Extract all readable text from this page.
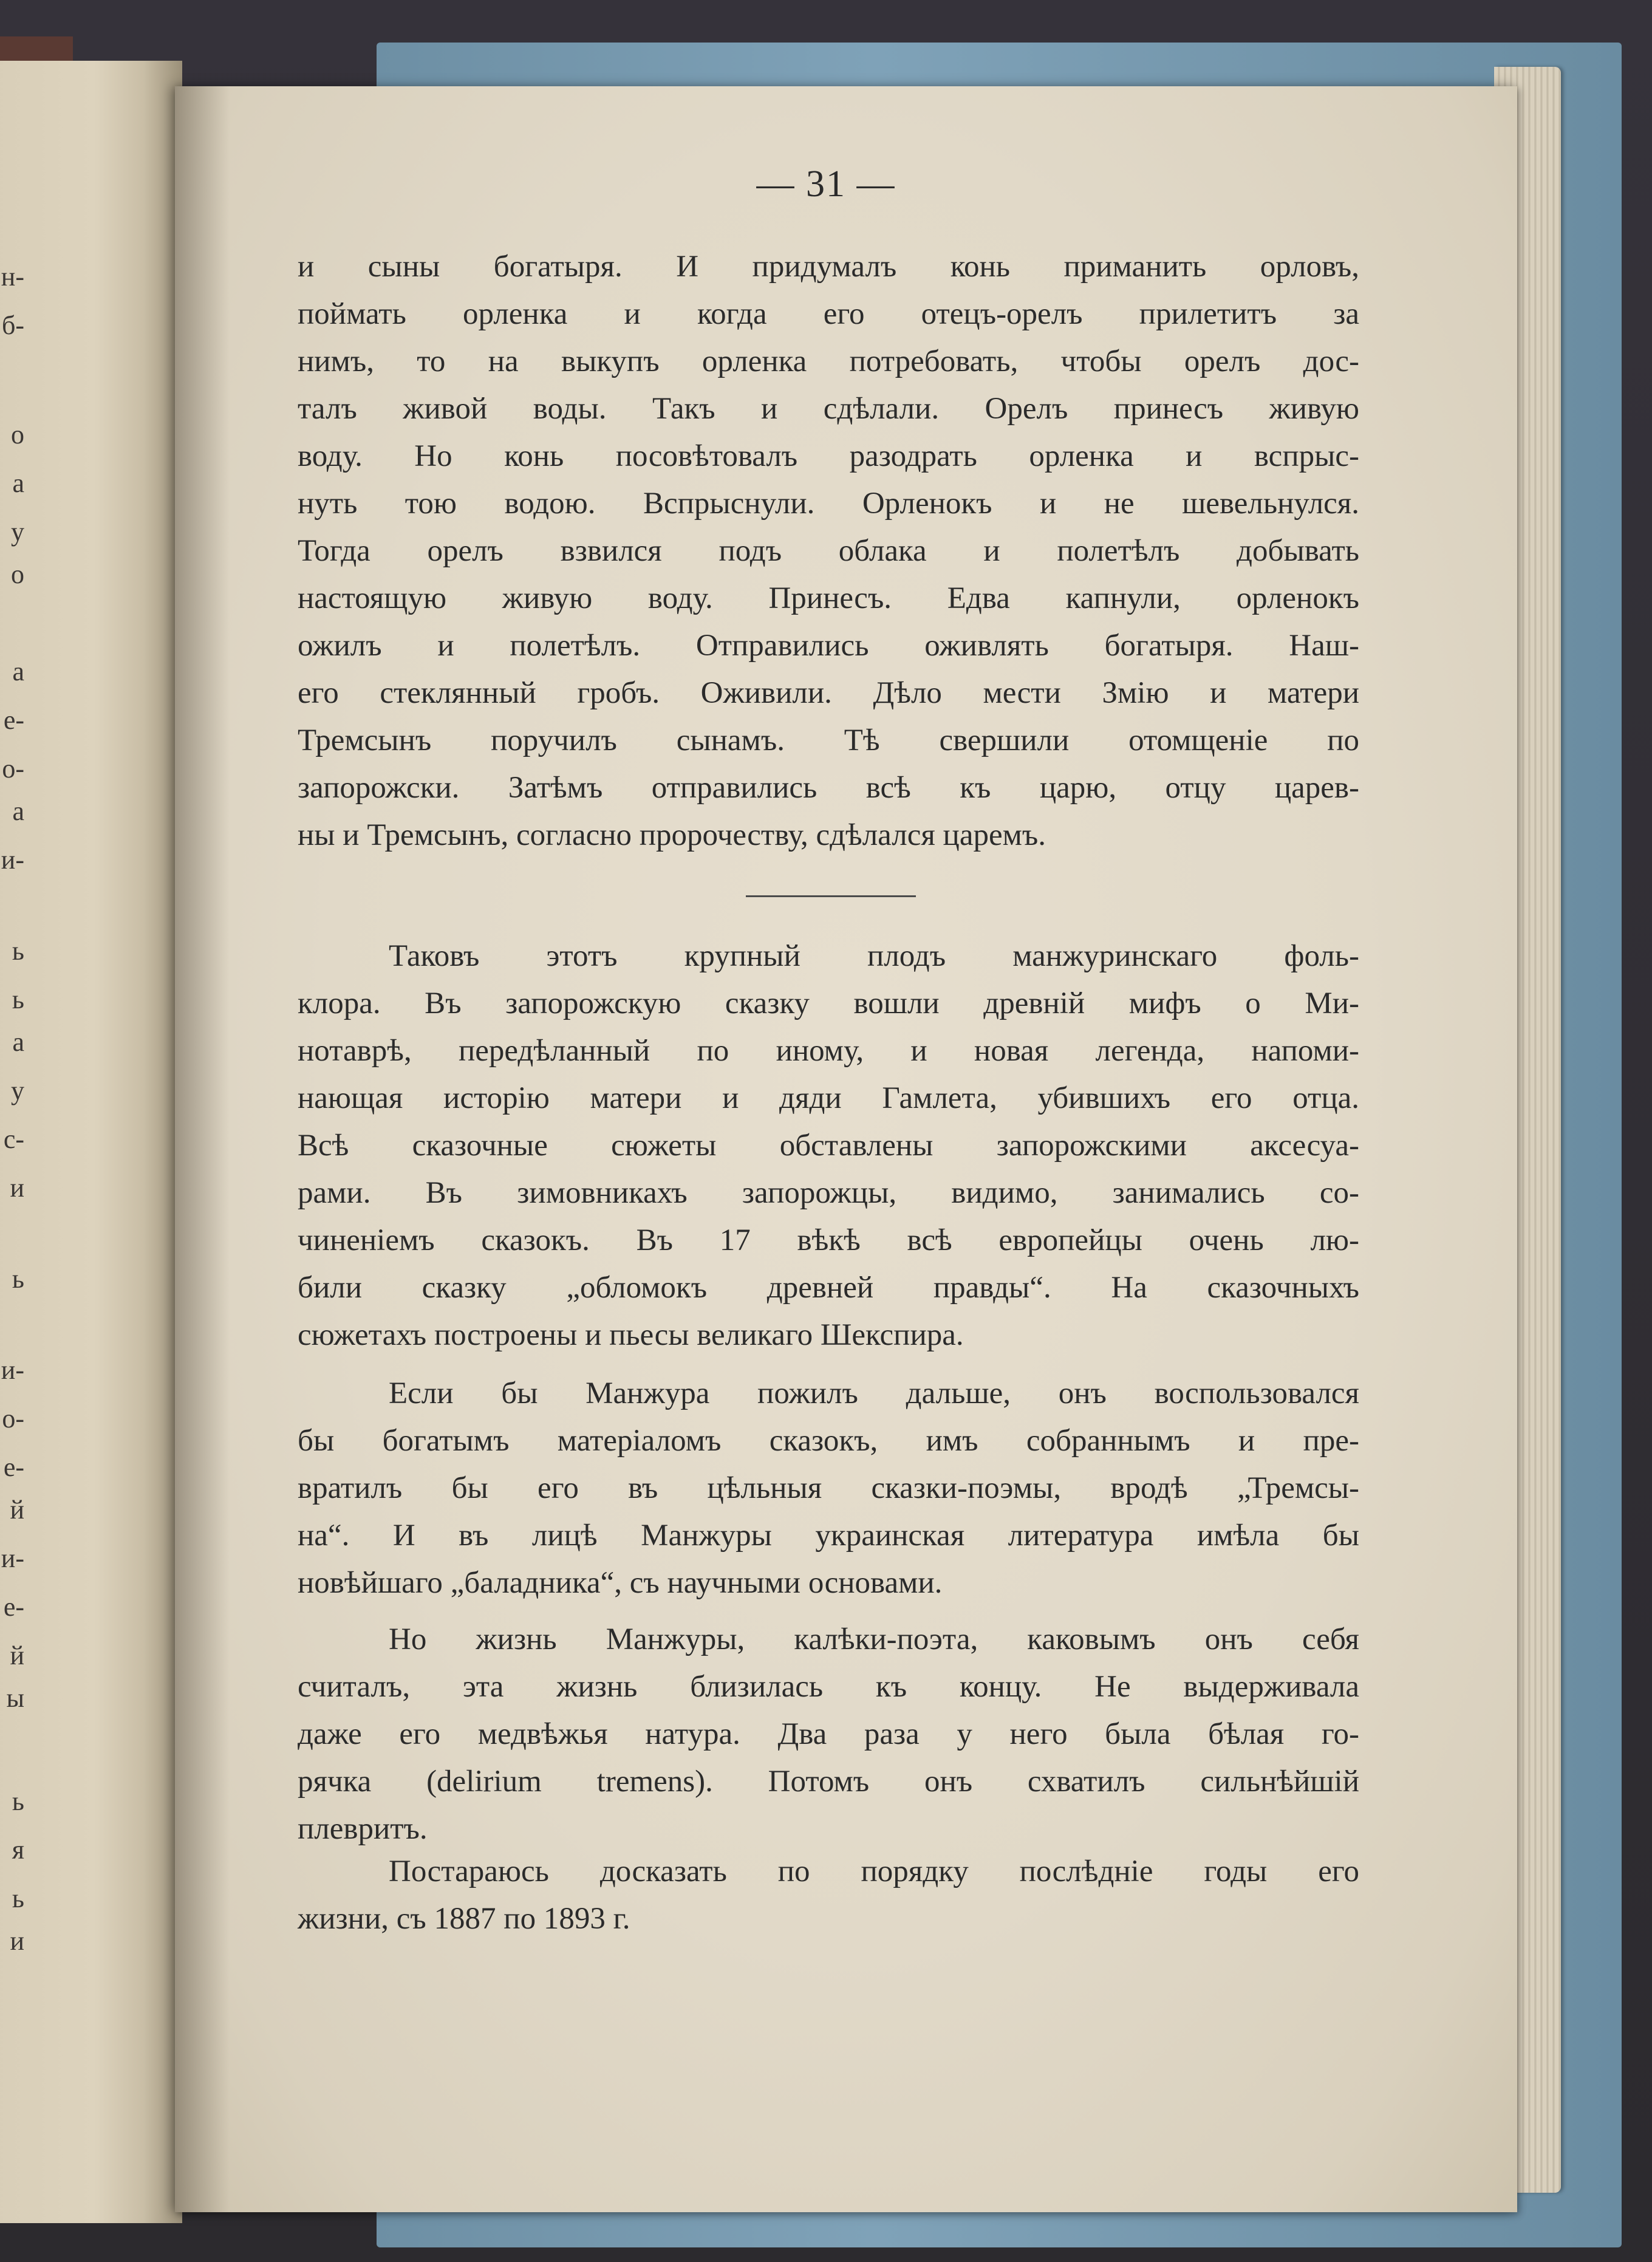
н-
б-
о
а
у
о
а
е-
о-
а
и-
ь
ь
а
у
с-
и
ь
и-
о-
е-
й
и-
е-
й
ы
ь
я
ь
и
— 31 —
и сыны богатыря. И придумалъ конь приманить орловъ,
поймать орленка и когда его отецъ-орелъ прилетитъ за
нимъ, то на выкупъ орленка потребовать, чтобы орелъ дос-
талъ живой воды. Такъ и сдѣлали. Орелъ принесъ живую
воду. Но конь посовѣтовалъ разодрать орленка и вспрыс-
нуть тою водою. Вспрыснули. Орленокъ и не шевельнулся.
Тогда орелъ взвился подъ облака и полетѣлъ добывать
настоящую живую воду. Принесъ. Едва капнули, орленокъ
ожилъ и полетѣлъ. Отправились оживлять богатыря. Наш-
его стеклянный гробъ. Оживили. Дѣло мести Змію и матери
Тремсынъ поручилъ сынамъ. Тѣ свершили отомщеніе по
запорожски. Затѣмъ отправились всѣ къ царю, отцу царев-
ны и Тремсынъ, согласно пророчеству, сдѣлался царемъ.
Таковъ этотъ крупный плодъ манжуринскаго фоль-
клора. Въ запорожскую сказку вошли древній мифъ о Ми-
нотаврѣ, передѣланный по иному, и новая легенда, напоми-
нающая исторію матери и дяди Гамлета, убившихъ его отца.
Всѣ сказочные сюжеты обставлены запорожскими аксесуа-
рами. Въ зимовникахъ запорожцы, видимо, занимались со-
чиненіемъ сказокъ. Въ 17 вѣкѣ всѣ европейцы очень лю-
били сказку „обломокъ древней правды“. На сказочныхъ
сюжетахъ построены и пьесы великаго Шекспира.
Если бы Манжура пожилъ дальше, онъ воспользовался
бы богатымъ матеріаломъ сказокъ, имъ собраннымъ и пре-
вратилъ бы его въ цѣльныя сказки-поэмы, вродѣ „Тремсы-
на“. И въ лицѣ Манжуры украинская литература имѣла бы
новѣйшаго „баладника“, съ научными основами.
Но жизнь Манжуры, калѣки-поэта, каковымъ онъ себя
считалъ, эта жизнь близилась къ концу. Не выдерживала
даже его медвѣжья натура. Два раза у него была бѣлая го-
рячка (delirium tremens). Потомъ онъ схватилъ сильнѣйшій
плевритъ.
Постараюсь досказать по порядку послѣдніе годы его
жизни, съ 1887 по 1893 г.
